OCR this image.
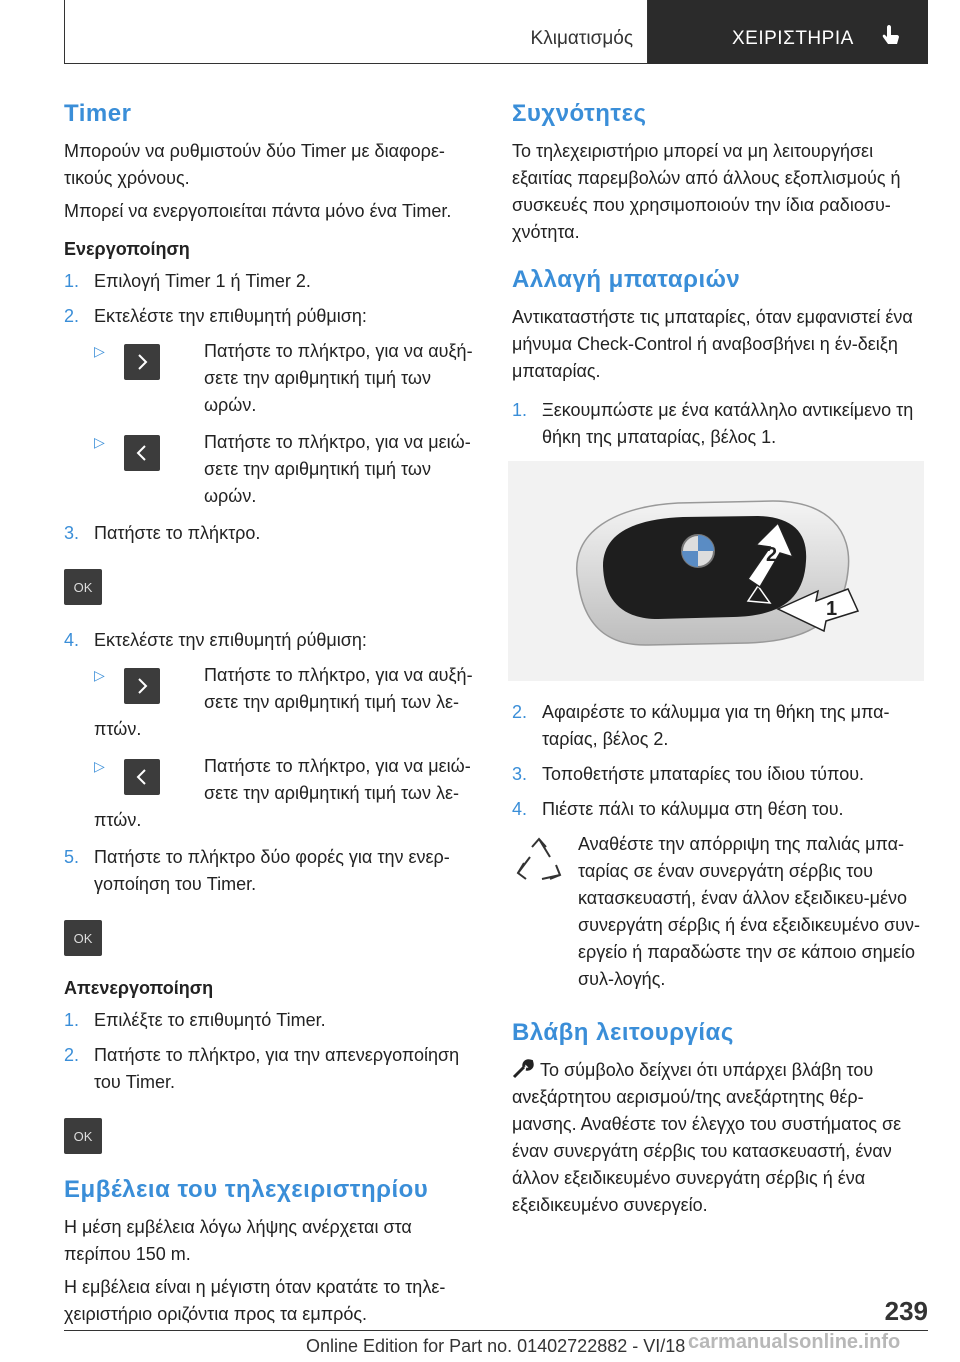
Κλιματισμός	ΧΕΙΡΙΣΤΗΡΙΑ
Timer

Μπορούν να ρυθμιστούν δύο Timer με διαφορε-τικούς χρόνους.

Μπορεί να ενεργοποιείται πάντα μόνο ένα Timer.

Ενεργοποίηση
1. Επιλογή Timer 1 ή Timer 2.
2. Εκτελέστε την επιθυμητή ρύθμιση:
▷	Πατήστε το πλήκτρο, για να αυξή-σετε την αριθμητική τιμή των ωρών.
▷	Πατήστε το πλήκτρο, για να μειώ-σετε την αριθμητική τιμή των ωρών.
3. Πατήστε το πλήκτρο.
OK
4. Εκτελέστε την επιθυμητή ρύθμιση:
▷	Πατήστε το πλήκτρο, για να αυξή-σετε την αριθμητική τιμή των λε-
πτών.
▷	Πατήστε το πλήκτρο, για να μειώ-σετε την αριθμητική τιμή των λε-
πτών.
5. Πατήστε το πλήκτρο δύο φορές για την ενερ-γοποίηση του Timer.
OK
Απενεργοποίηση
1. Επιλέξτε το επιθυμητό Timer.
2. Πατήστε το πλήκτρο, για την απενεργοποίηση του Timer.
OK
Εμβέλεια του τηλεχειριστηρίου

Η μέση εμβέλεια λόγω λήψης ανέρχεται στα περίπου 150 m.

Η εμβέλεια είναι η μέγιστη όταν κρατάτε το τηλε-χειριστήριο οριζόντια προς τα εμπρός.

Συχνότητες

Το τηλεχειριστήριο μπορεί να μη λειτουργήσει εξαιτίας παρεμβολών από άλλους εξοπλισμούς ή συσκευές που χρησιμοποιούν την ίδια ραδιοσυ-χνότητα.

Αλλαγή μπαταριών

Αντικαταστήστε τις μπαταρίες, όταν εμφανιστεί ένα μήνυμα Check-Control ή αναβοσβήνει η έν-δειξη μπαταρίας.

1. Ξεκουμπώστε με ένα κατάλληλο αντικείμενο τη θήκη της μπαταρίας, βέλος 1.
2
1
2. Αφαιρέστε το κάλυμμα για τη θήκη της μπα-ταρίας, βέλος 2.
3. Τοποθετήστε μπαταρίες του ίδιου τύπου.
4. Πιέστε πάλι το κάλυμμα στη θέση του.
Αναθέστε την απόρριψη της παλιάς μπα-ταρίας σε έναν συνεργάτη σέρβις του κατασκευαστή, έναν άλλον εξειδικευ-μένο συνεργάτη σέρβις ή ένα εξειδικευμένο συν-εργείο ή παραδώστε την σε κάποιο σημείο συλ-λογής.
Βλάβη λειτουργίας

Το σύμβολο δείχνει ότι υπάρχει βλάβη του ανεξάρτητου αερισμού/της ανεξάρτητης θέρ-μανσης. Αναθέστε τον έλεγχο του συστήματος σε έναν συνεργάτη σέρβις του κατασκευαστή, έναν άλλον εξειδικευμένο συνεργάτη σέρβις ή ένα εξειδικευμένο συνεργείο.

239
Online Edition for Part no. 01402722882 - VI/18 carmanualsonline.info
